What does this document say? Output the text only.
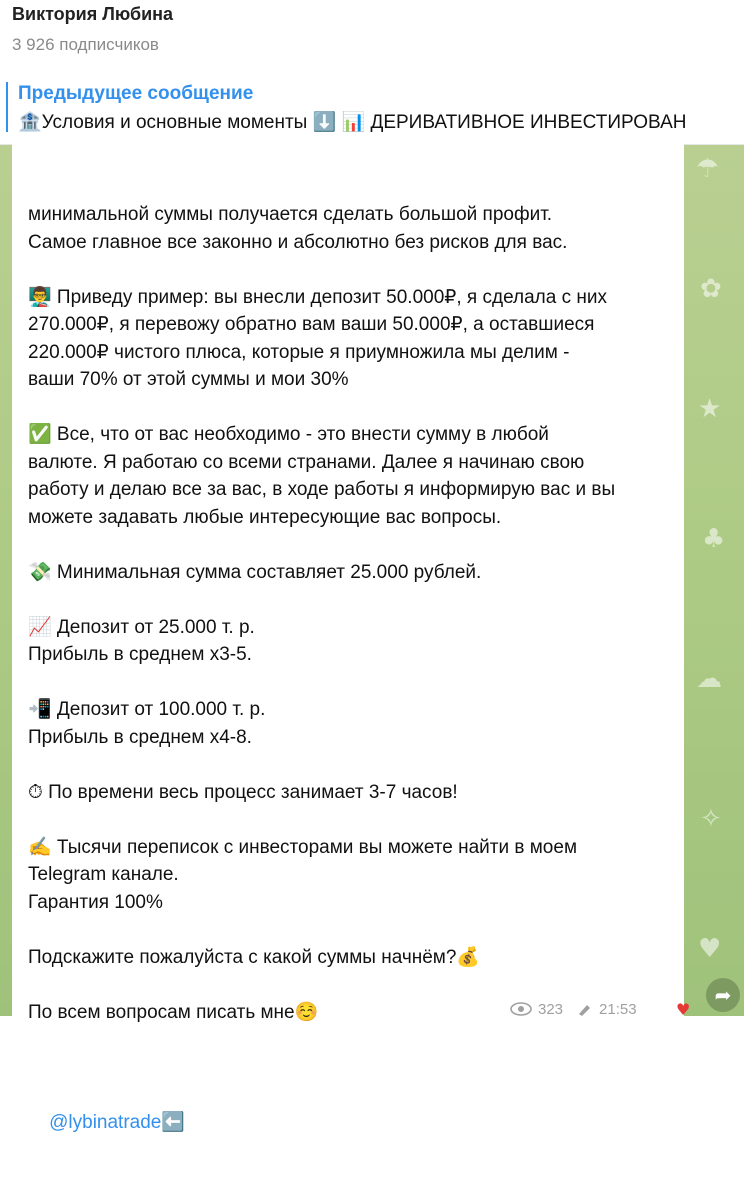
☂
✿
★
♣
☁
✧
♥
Виктория Любина
3 926 подписчиков
Предыдущее сообщение
🏦Условия и основные моменты ⬇️ 📊 ДЕРИВАТИВНОЕ ИНВЕСТИРОВАН

минимальной суммы получается сделать большой профит.
Самое главное все законно и абсолютно без рисков для вас.

👨‍🏫 Приведу пример: вы внесли депозит 50.000₽, я сделала с них
270.000₽, я перевожу обратно вам ваши 50.000₽, а оставшиеся
220.000₽ чистого плюса, которые я приумножила мы делим -
ваши 70% от этой суммы и мои 30%

✅ Все, что от вас необходимо - это внести сумму в любой
валюте. Я работаю со всеми странами. Далее я начинаю свою
работу и делаю все за вас, в ходе работы я информирую вас и вы
можете задавать любые интересующие вас вопросы.

💸 Минимальная сумма составляет 25.000 рублей.

📈 Депозит от 25.000 т. р.
Прибыль в среднем х3-5.

📲 Депозит от 100.000 т. р.
Прибыль в среднем х4-8.

⏱ По времени весь процесс занимает 3-7 часов!

✍️ Тысячи переписок с инвесторами вы можете найти в моем
Telegram канале.
Гарантия 100%

Подскажите пожалуйста с какой суммы начнём?💰

По всем вопросам писать мне☺️

@lybinatrade⬅️

323 21:53 ♥
➦
